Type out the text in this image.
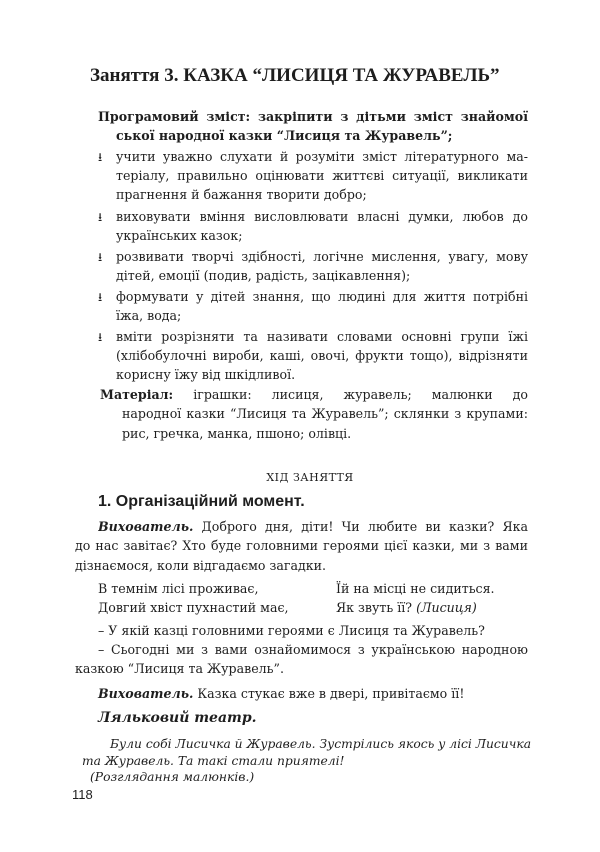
Заняття 3. КАЗКА “ЛИСИЦЯ ТА ЖУРАВЕЛЬ”
Програмовий зміст: закріпити з дітьми зміст знайомої
ської народної казки “Лисиця та Журавель”;
⭳ учити уважно слухати й розуміти зміст літературного ма-
теріалу, правильно оцінювати життєві ситуації, викликати
прагнення й бажання творити добро;
⭳ виховувати вміння висловлювати власні думки, любов до
українських казок;
⭳ розвивати творчі здібності, логічне мислення, увагу, мову
дітей, емоції (подив, радість, зацікавлення);
⭳ формувати у дітей знання, що людині для життя потрібні
їжа, вода;
⭳ вміти розрізняти та називати словами основні групи їжі
(хлібобулочні вироби, каші, овочі, фрукти тощо), відрізняти
корисну їжу від шкідливої.
Матеріал: іграшки: лисиця, журавель; малюнки до
народної казки “Лисиця та Журавель”; склянки з крупами:
рис, гречка, манка, пшоно; олівці.
ХІД ЗАНЯТТЯ
1. Організаційний момент.
Вихователь. Доброго дня, діти! Чи любите ви казки? Яка
до нас завітає? Хто буде головними героями цієї казки, ми з вами
дізнаємося, коли відгадаємо загадки.
В темнім лісі проживає,
Довгий хвіст пухнастий має,
Їй на місці не сидиться.
Як звуть її? (Лисиця)
– У якій казці головними героями є Лисиця та Журавель?
– Сьогодні ми з вами ознайомимося з українською народною
казкою “Лисиця та Журавель”.
Вихователь. Казка стукає вже в двері, привітаємо її!
Ляльковий театр.
Були собі Лисичка й Журавель. Зустрілись якось у лісі Лисичка
та Журавель. Та такі стали приятелі!
(Розглядання малюнків.)
118
